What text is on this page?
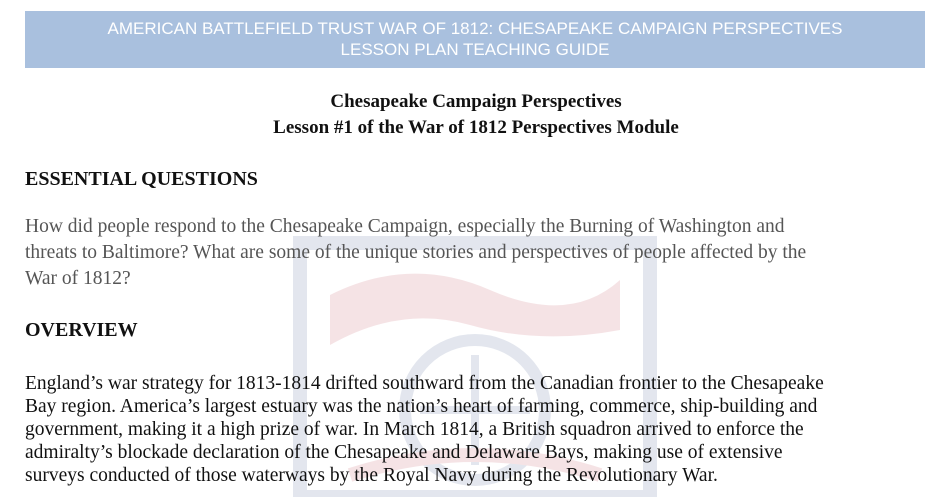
AMERICAN BATTLEFIELD TRUST WAR OF 1812: CHESAPEAKE CAMPAIGN PERSPECTIVES
LESSON PLAN TEACHING GUIDE
Chesapeake Campaign Perspectives
Lesson #1 of the War of 1812 Perspectives Module
ESSENTIAL QUESTIONS
How did people respond to the Chesapeake Campaign, especially the Burning of Washington and
threats to Baltimore? What are some of the unique stories and perspectives of people affected by the
War of 1812?
OVERVIEW
England’s war strategy for 1813-1814 drifted southward from the Canadian frontier to the Chesapeake
Bay region. America’s largest estuary was the nation’s heart of farming, commerce, ship-building and
government, making it a high prize of war. In March 1814, a British squadron arrived to enforce the
admiralty’s blockade declaration of the Chesapeake and Delaware Bays, making use of extensive
surveys conducted of those waterways by the Royal Navy during the Revolutionary War.
